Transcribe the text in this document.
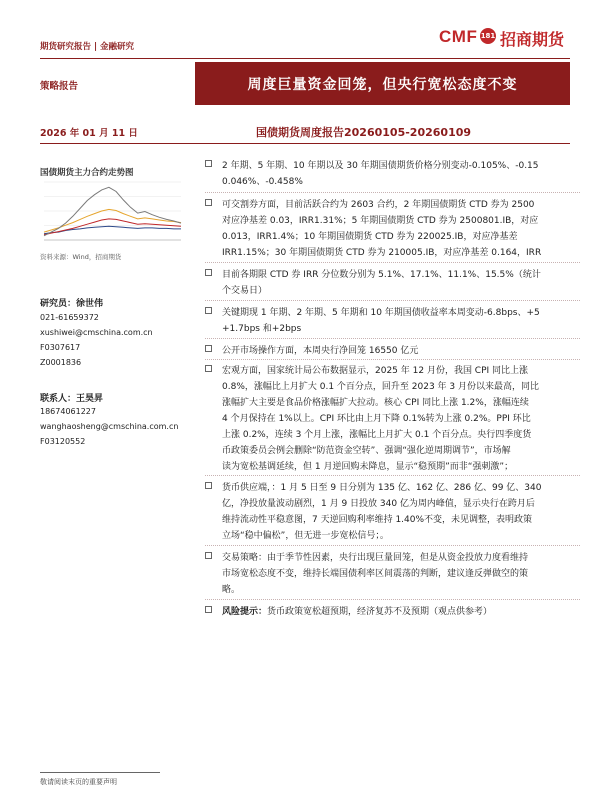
期货研究报告 | 金融研究
CMF 181 招商期货
策略报告	周度巨量资金回笼，但央行宽松态度不变
2026 年 01 月 11 日	国债期货周度报告20260105-20260109
国债期货主力合约走势图
资料来源：Wind，招商期货
研究员：徐世伟
021-61659372
xushiwei@cmschina.com.cn
F0307617
Z0001836
联系人：王昊昇
18674061227
wanghaosheng@cmschina.com.cn
F03120552
2 年期、5 年期、10 年期以及 30 年期国债期货价格分别变动-0.105%、-0.15
0.046%、-0.458%
可交割券方面，目前活跃合约为 2603 合约，2 年期国债期货 CTD 券为 2500
对应净基差 0.03，IRR1.31%；5 年期国债期货 CTD 券为 2500801.IB，对应
0.013，IRR1.4%；10 年期国债期货 CTD 券为 220025.IB，对应净基差
IRR1.15%；30 年期国债期货 CTD 券为 210005.IB，对应净基差 0.164，IRR
目前各期限 CTD 券 IRR 分位数分别为 5.1%、17.1%、11.1%、15.5%（统计
个交易日）
关键期现 1 年期、2 年期、5 年期和 10 年期国债收益率本周变动-6.8bps、+5
+1.7bps 和+2bps
公开市场操作方面，本周央行净回笼 16550 亿元
宏观方面，国家统计局公布数据显示，2025 年 12 月份，我国 CPI 同比上涨
0.8%，涨幅比上月扩大 0.1 个百分点，回升至 2023 年 3 月份以来最高，同比
涨幅扩大主要是食品价格涨幅扩大拉动。核心 CPI 同比上涨 1.2%，涨幅连续
4 个月保持在 1%以上。CPI 环比由上月下降 0.1%转为上涨 0.2%。PPI 环比
上涨 0.2%，连续 3 个月上涨，涨幅比上月扩大 0.1 个百分点。央行四季度货
币政策委员会例会删除“防范资金空转”、强调“强化逆周期调节”，市场解
读为宽松基调延续，但 1 月逆回购未降息，显示“稳预期”而非“强刺激”；
货币供应端，：1 月 5 日至 9 日分别为 135 亿、162 亿、286 亿、99 亿、340
亿，净投放量波动剧烈，1 月 9 日投放 340 亿为周内峰值，显示央行在跨月后
维持流动性平稳意图，7 天逆回购利率维持 1.40%不变，未见调整，表明政策
立场“稳中偏松”，但无进一步宽松信号；。
交易策略：由于季节性因素，央行出现巨量回笼，但是从资金投放力度看维持
市场宽松态度不变，维持长端国债利率区间震荡的判断，建议逢反弹做空的策
略。
风险提示：货币政策宽松超预期，经济复苏不及预期（观点供参考）
敬请阅读末页的重要声明
